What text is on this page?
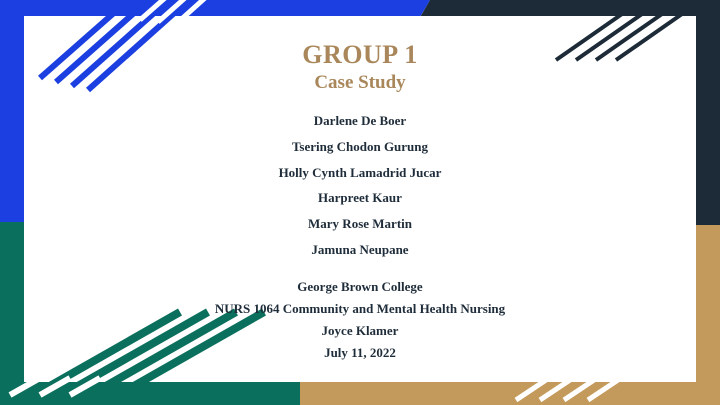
GROUP 1
Case Study
Darlene De Boer
Tsering Chodon Gurung
Holly Cynth Lamadrid Jucar
Harpreet Kaur
Mary Rose Martin
Jamuna Neupane
George Brown College
NURS 1064 Community and Mental Health Nursing
Joyce Klamer
July 11, 2022
